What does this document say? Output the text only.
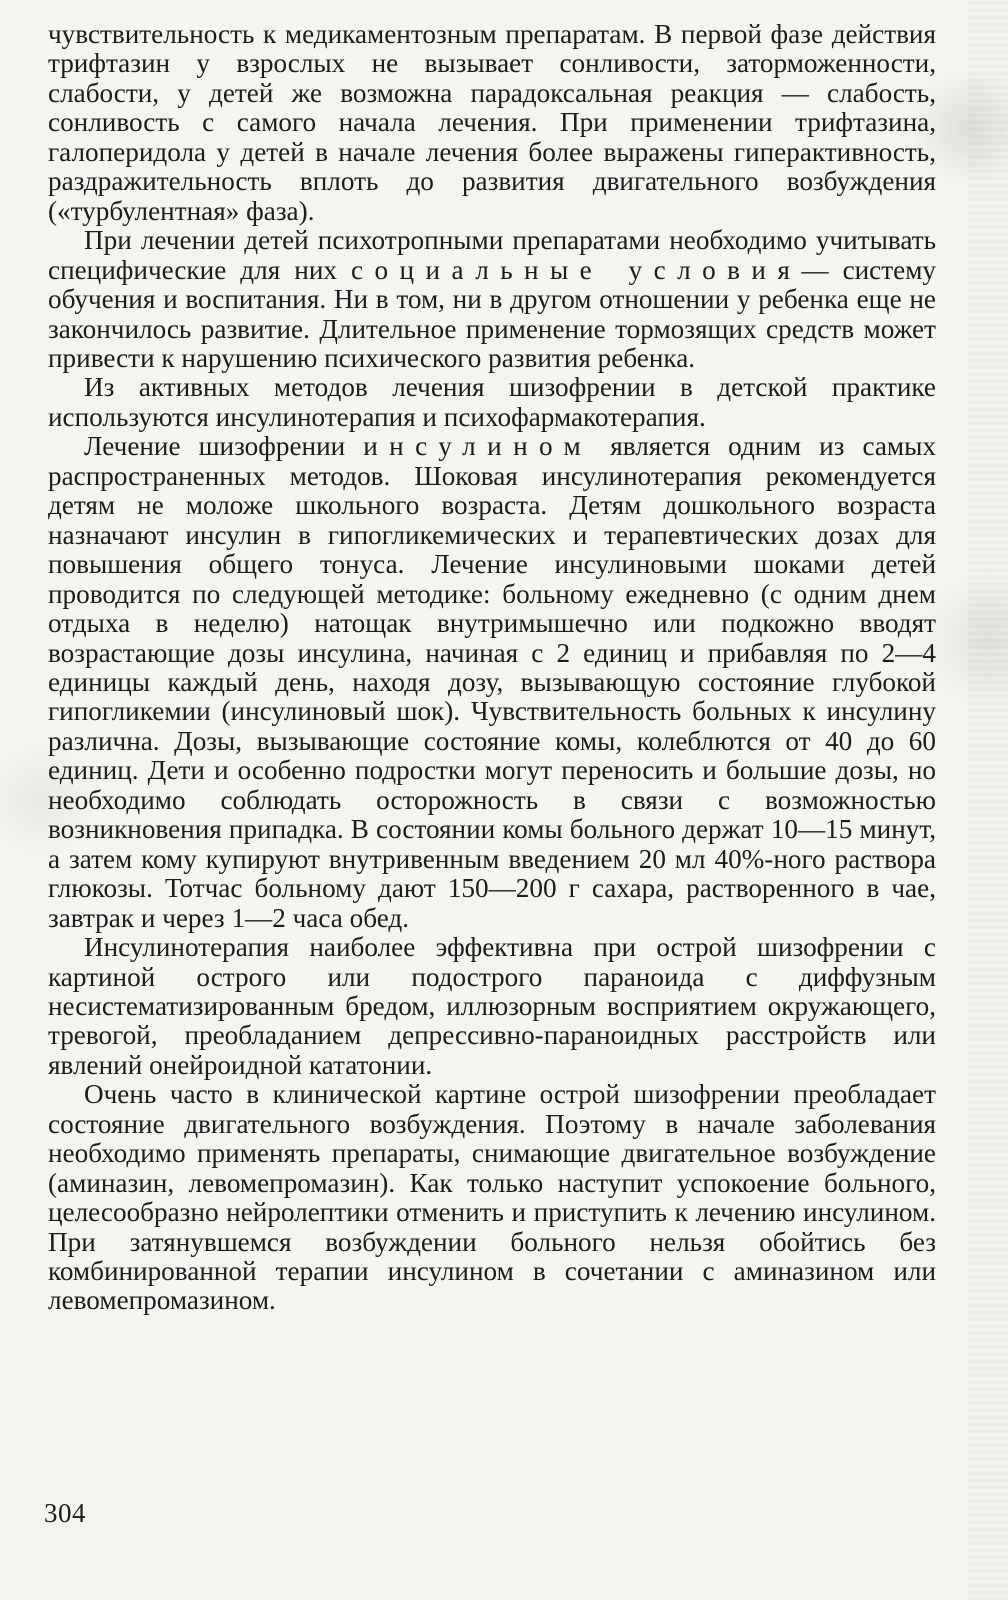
чувствительность к медикаментозным препаратам. В первой фазе действия трифтазин у взрослых не вызывает сонливости, заторможенности, слабости, у детей же возможна парадоксальная реакция — слабость, сонливость с самого начала лечения. При применении трифтазина, галоперидола у детей в начале лечения более выражены гиперактивность, раздражительность вплоть до развития двигательного возбуждения («турбулентная» фаза).

При лечении детей психотропными препаратами необходимо учитывать специфические для них социальные условия— систему обучения и воспитания. Ни в том, ни в другом отношении у ребенка еще не закончилось развитие. Длительное применение тормозящих средств может привести к нарушению психического развития ребенка.

Из активных методов лечения шизофрении в детской практике используются инсулинотерапия и психофармакотерапия.

Лечение шизофрении инсулином является одним из самых распространенных методов. Шоковая инсулинотерапия рекомендуется детям не моложе школьного возраста. Детям дошкольного возраста назначают инсулин в гипогликемических и терапевтических дозах для повышения общего тонуса. Лечение инсулиновыми шоками детей проводится по следующей методике: больному ежедневно (с одним днем отдыха в неделю) натощак внутримышечно или подкожно вводят возрастающие дозы инсулина, начиная с 2 единиц и прибавляя по 2—4 единицы каждый день, находя дозу, вызывающую состояние глубокой гипогликемии (инсулиновый шок). Чувствительность больных к инсулину различна. Дозы, вызывающие состояние комы, колеблются от 40 до 60 единиц. Дети и особенно подростки могут переносить и большие дозы, но необходимо соблюдать осторожность в связи с возможностью возникновения припадка. В состоянии комы больного держат 10—15 минут, а затем кому купируют внутривенным введением 20 мл 40%-ного раствора глюкозы. Тотчас больному дают 150—200 г сахара, растворенного в чае, завтрак и через 1—2 часа обед.

Инсулинотерапия наиболее эффективна при острой шизофрении с картиной острого или подострого параноида с диффузным несистематизированным бредом, иллюзорным восприятием окружающего, тревогой, преобладанием депрессивно-параноидных расстройств или явлений онейроидной кататонии.

Очень часто в клинической картине острой шизофрении преобладает состояние двигательного возбуждения. Поэтому в начале заболевания необходимо применять препараты, снимающие двигательное возбуждение (аминазин, левомепромазин). Как только наступит успокоение больного, целесообразно нейролептики отменить и приступить к лечению инсулином. При затянувшемся возбуждении больного нельзя обойтись без комбинированной терапии инсулином в сочетании с аминазином или левомепромазином.

304
